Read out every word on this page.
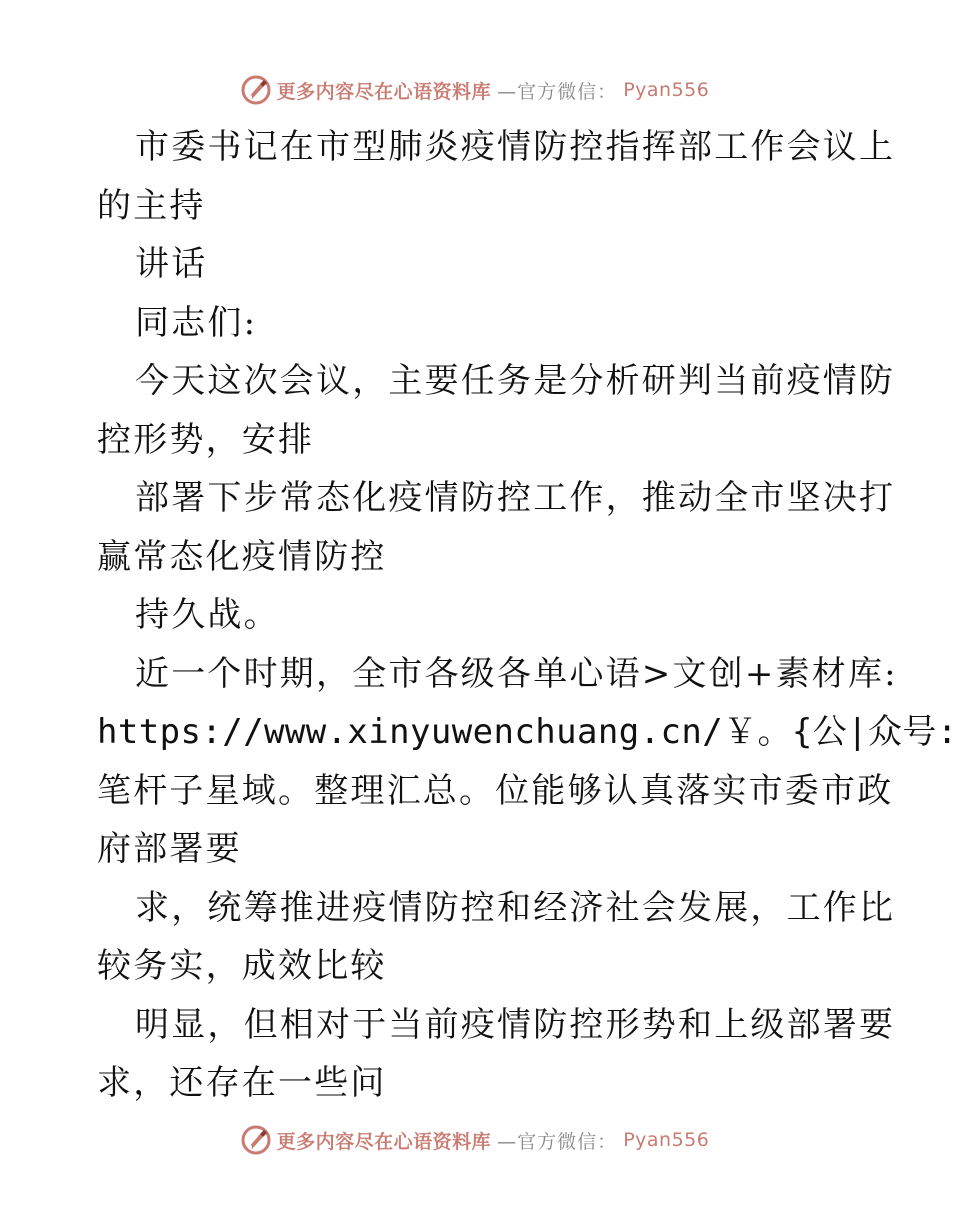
更多内容尽在心语资料库 —官方微信： Pyan556
市委书记在市型肺炎疫情防控指挥部工作会议上
的主持
讲话
同志们:
今天这次会议，主要任务是分析研判当前疫情防
控形势，安排
部署下步常态化疫情防控工作，推动全市坚决打
赢常态化疫情防控
持久战。
近一个时期，全市各级各单心语>文创+素材库:
https://www.xinyuwenchuang.cn/￥。{公|众号:
笔杆子星域。整理汇总。位能够认真落实市委市政
府部署要
求，统筹推进疫情防控和经济社会发展，工作比
较务实，成效比较
明显，但相对于当前疫情防控形势和上级部署要
求，还存在一些问
更多内容尽在心语资料库 —官方微信： Pyan556
